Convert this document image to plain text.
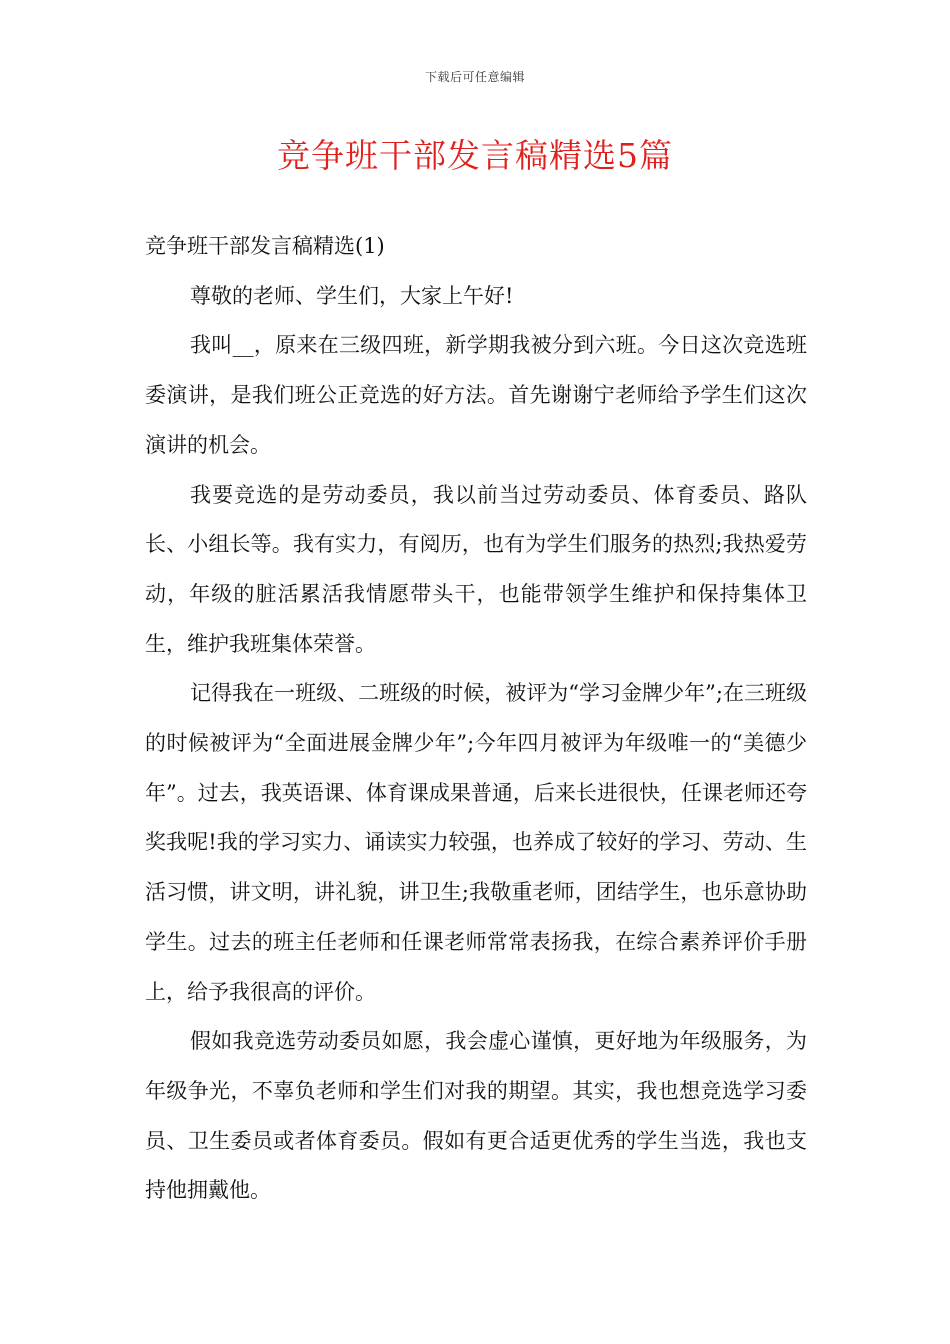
下载后可任意编辑
竞争班干部发言稿精选5篇
竞争班干部发言稿精选(1)

尊敬的老师、学生们，大家上午好!

我叫__，原来在三级四班，新学期我被分到六班。今日这次竞选班委演讲，是我们班公正竞选的好方法。首先谢谢宁老师给予学生们这次演讲的机会。

我要竞选的是劳动委员，我以前当过劳动委员、体育委员、路队长、小组长等。我有实力，有阅历，也有为学生们服务的热烈;我热爱劳动，年级的脏活累活我情愿带头干，也能带领学生维护和保持集体卫生，维护我班集体荣誉。

记得我在一班级、二班级的时候，被评为“学习金牌少年”;在三班级的时候被评为“全面进展金牌少年”;今年四月被评为年级唯一的“美德少年”。过去，我英语课、体育课成果普通，后来长进很快，任课老师还夸奖我呢!我的学习实力、诵读实力较强，也养成了较好的学习、劳动、生活习惯，讲文明，讲礼貌，讲卫生;我敬重老师，团结学生，也乐意协助学生。过去的班主任老师和任课老师常常表扬我，在综合素养评价手册上，给予我很高的评价。

假如我竞选劳动委员如愿，我会虚心谨慎，更好地为年级服务，为年级争光，不辜负老师和学生们对我的期望。其实，我也想竞选学习委员、卫生委员或者体育委员。假如有更合适更优秀的学生当选，我也支持他拥戴他。
